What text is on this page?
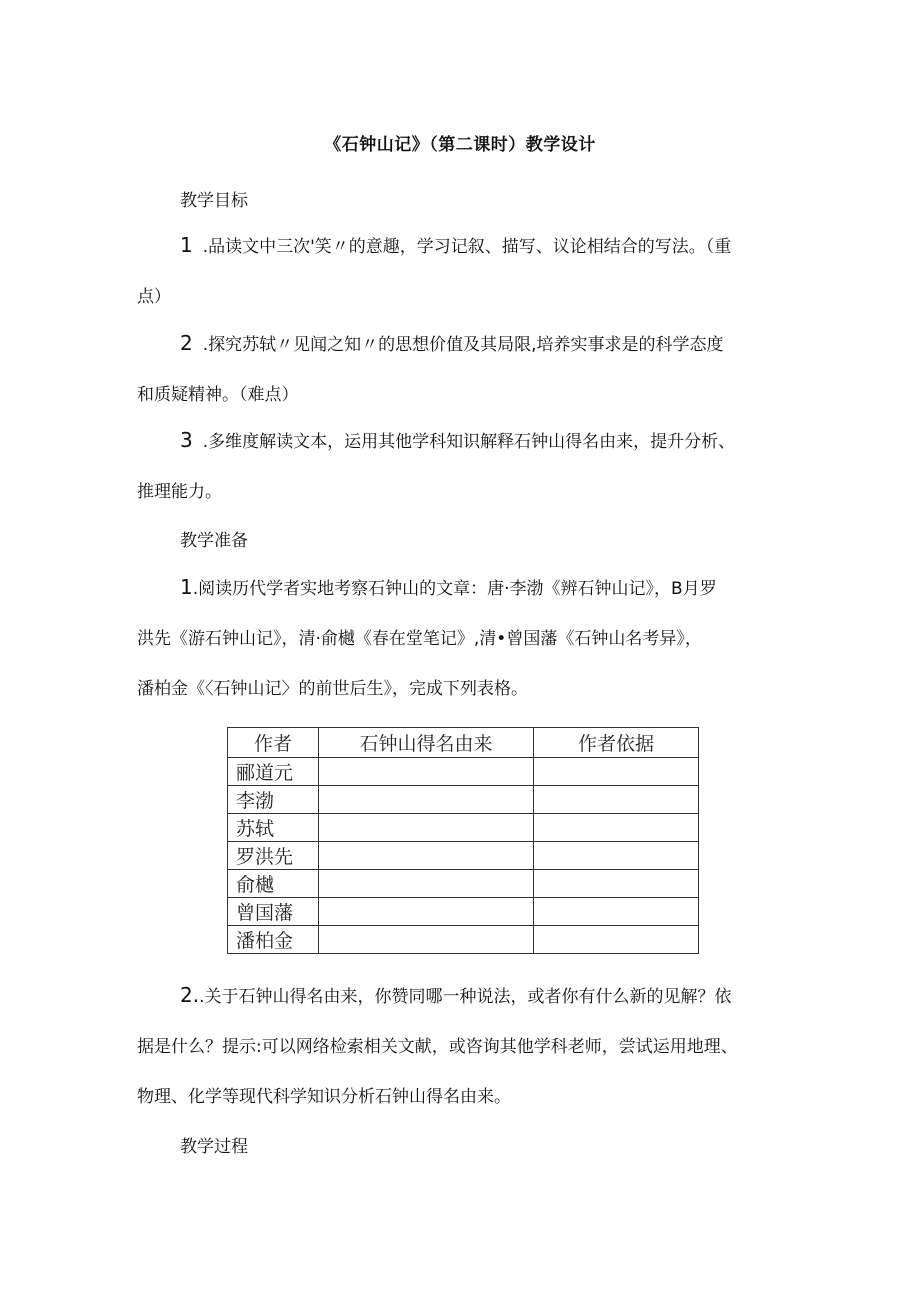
《石钟山记》（第二课时）教学设计
教学目标
1 .品读文中三次'笑〃的意趣，学习记叙、描写、议论相结合的写法。（重
点）
2 .探究苏轼〃见闻之知〃的思想价值及其局限,培养实事求是的科学态度
和质疑精神。（难点）
3 .多维度解读文本，运用其他学科知识解释石钟山得名由来，提升分析、
推理能力。
教学准备
1.阅读历代学者实地考察石钟山的文章：唐·李渤《辨石钟山记》，B月罗
洪先《游石钟山记》，清·俞樾《春在堂笔记》,清•曾国藩《石钟山名考异》，
潘柏金《〈石钟山记〉的前世后生》，完成下列表格。
作者	石钟山得名由来	作者依据
郦道元		
李渤		
苏轼		
罗洪先		
俞樾		
曾国藩		
潘柏金		
2..关于石钟山得名由来，你赞同哪一种说法，或者你有什么新的见解？依
据是什么？提示:可以网络检索相关文献，或咨询其他学科老师，尝试运用地理、
物理、化学等现代科学知识分析石钟山得名由来。
教学过程
